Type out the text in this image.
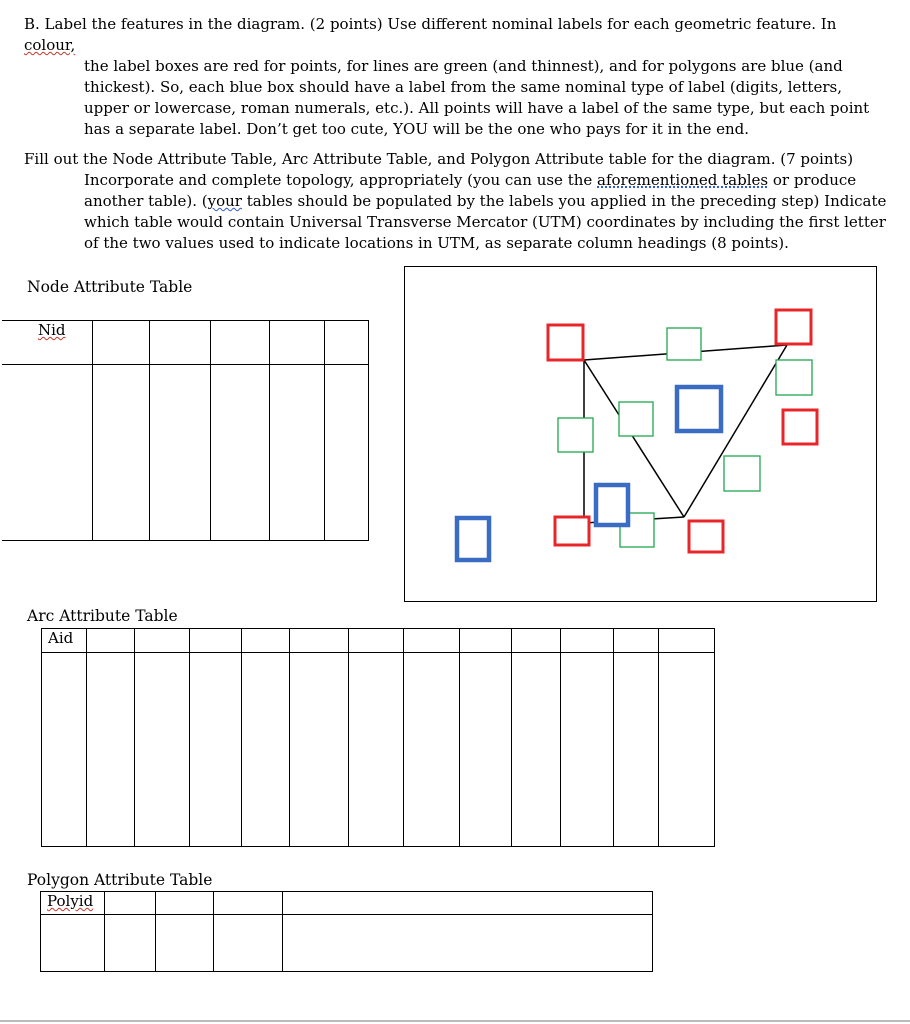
B. Label the features in the diagram. (2 points) Use different nominal labels for each geometric feature. In colour,
the label boxes are red for points, for lines are green (and thinnest), and for polygons are blue (and thickest). So, each blue box should have a label from the same nominal type of label (digits, letters, upper or lowercase, roman numerals, etc.). All points will have a label of the same type, but each point has a separate label. Don’t get too cute, YOU will be the one who pays for it in the end.
Fill out the Node Attribute Table, Arc Attribute Table, and Polygon Attribute table for the diagram. (7 points)
Incorporate and complete topology, appropriately (you can use the aforementioned tables or produce another table). (your tables should be populated by the labels you applied in the preceding step) Indicate which table would contain Universal Transverse Mercator (UTM) coordinates by including the first letter of the two values used to indicate locations in UTM, as separate column headings (8 points).
Node Attribute Table
Nid					

Arc Attribute Table
Aid												

Polygon Attribute Table
Polyid				
